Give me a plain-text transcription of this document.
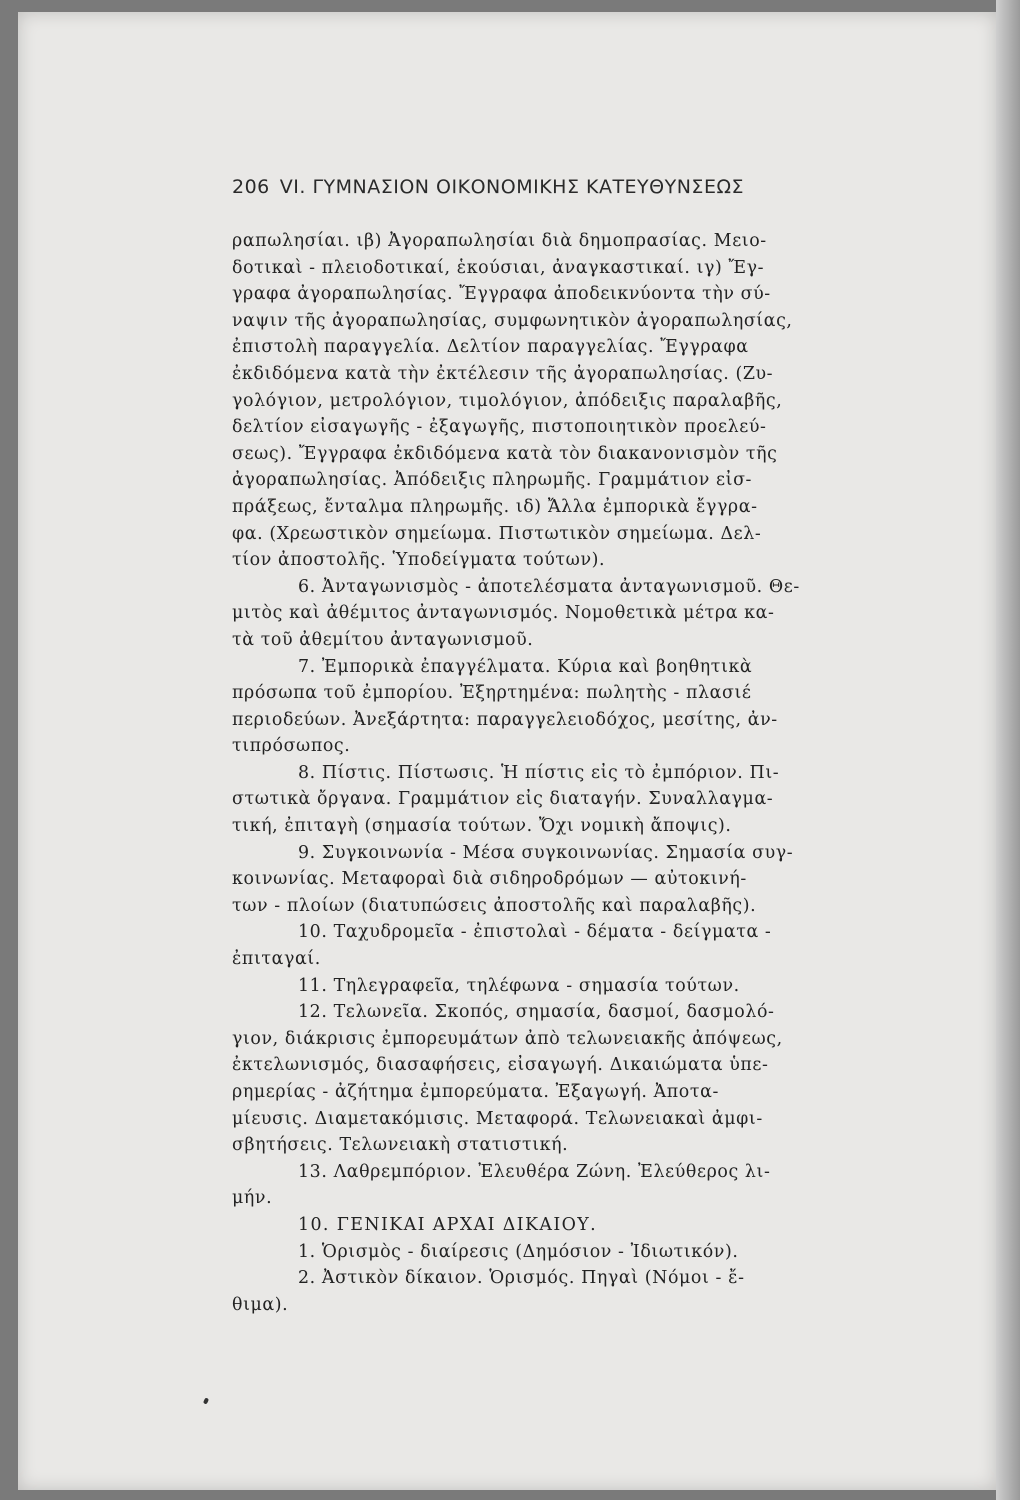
206 VI. ΓΥΜΝΑΣΙΟΝ ΟΙΚΟΝΟΜΙΚΗΣ ΚΑΤΕΥΘΥΝΣΕΩΣ
ραπωλησίαι. ιβ) Ἀγοραπωλησίαι διὰ δημοπρασίας. Μειο-
δοτικαὶ - πλειοδοτικαί, ἑκούσιαι, ἀναγκαστικαί. ιγ) Ἔγ-
γραφα ἀγοραπωλησίας. Ἔγγραφα ἀποδεικνύοντα τὴν σύ-
ναψιν τῆς ἀγοραπωλησίας, συμφωνητικὸν ἀγοραπωλησίας,
ἐπιστολὴ παραγγελία. Δελτίον παραγγελίας. Ἔγγραφα
ἐκδιδόμενα κατὰ τὴν ἐκτέλεσιν τῆς ἀγοραπωλησίας. (Ζυ-
γολόγιον, μετρολόγιον, τιμολόγιον, ἀπόδειξις παραλαβῆς,
δελτίον εἰσαγωγῆς - ἐξαγωγῆς, πιστοποιητικὸν προελεύ-
σεως). Ἔγγραφα ἐκδιδόμενα κατὰ τὸν διακανονισμὸν τῆς
ἀγοραπωλησίας. Ἀπόδειξις πληρωμῆς. Γραμμάτιον εἰσ-
πράξεως, ἔνταλμα πληρωμῆς. ιδ) Ἄλλα ἐμπορικὰ ἔγγρα-
φα. (Χρεωστικὸν σημείωμα. Πιστωτικὸν σημείωμα. Δελ-
τίον ἀποστολῆς. Ὑποδείγματα τούτων).
6. Ἀνταγωνισμὸς - ἀποτελέσματα ἀνταγωνισμοῦ. Θε-
μιτὸς καὶ ἀθέμιτος ἀνταγωνισμός. Νομοθετικὰ μέτρα κα-
τὰ τοῦ ἀθεμίτου ἀνταγωνισμοῦ.
7. Ἐμπορικὰ ἐπαγγέλματα. Κύρια καὶ βοηθητικὰ
πρόσωπα τοῦ ἐμπορίου. Ἐξηρτημένα: πωλητὴς - πλασιέ
περιοδεύων. Ἀνεξάρτητα: παραγγελειοδόχος, μεσίτης, ἀν-
τιπρόσωπος.
8. Πίστις. Πίστωσις. Ἡ πίστις εἰς τὸ ἐμπόριον. Πι-
στωτικὰ ὄργανα. Γραμμάτιον εἰς διαταγήν. Συναλλαγμα-
τική, ἐπιταγὴ (σημασία τούτων. Ὄχι νομικὴ ἄποψις).
9. Συγκοινωνία - Μέσα συγκοινωνίας. Σημασία συγ-
κοινωνίας. Μεταφοραὶ διὰ σιδηροδρόμων — αὐτοκινή-
των - πλοίων (διατυπώσεις ἀποστολῆς καὶ παραλαβῆς).
10. Ταχυδρομεῖα - ἐπιστολαὶ - δέματα - δείγματα -
ἐπιταγαί.
11. Τηλεγραφεῖα, τηλέφωνα - σημασία τούτων.
12. Τελωνεῖα. Σκοπός, σημασία, δασμοί, δασμολό-
γιον, διάκρισις ἐμπορευμάτων ἀπὸ τελωνειακῆς ἀπόψεως,
ἐκτελωνισμός, διασαφήσεις, εἰσαγωγή. Δικαιώματα ὑπε-
ρημερίας - ἀζήτημα ἐμπορεύματα. Ἐξαγωγή. Ἀποτα-
μίευσις. Διαμετακόμισις. Μεταφορά. Τελωνειακαὶ ἀμφι-
σβητήσεις. Τελωνειακὴ στατιστική.
13. Λαθρεμπόριον. Ἐλευθέρα Ζώνη. Ἐλεύθερος λι-
μήν.
10. ΓΕΝΙΚΑΙ ΑΡΧΑΙ ΔΙΚΑΙΟΥ.
1. Ὁρισμὸς - διαίρεσις (Δημόσιον - Ἰδιωτικόν).
2. Ἀστικὸν δίκαιον. Ὁρισμός. Πηγαὶ (Νόμοι - ἔ-
θιμα).
